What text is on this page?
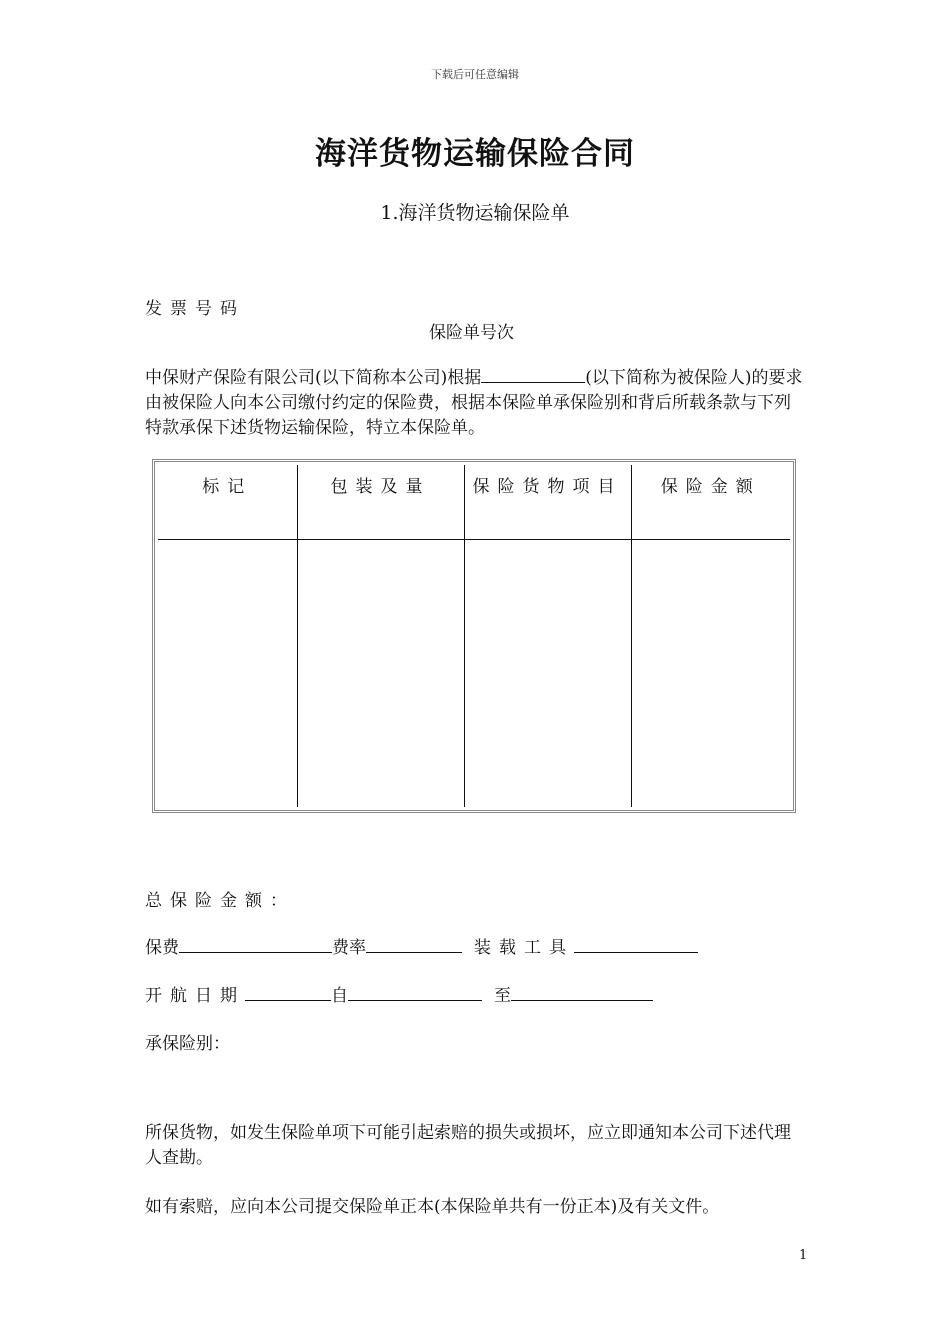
下载后可任意编辑
海洋货物运输保险合同
1.海洋货物运输保险单
发票号码
保险单号次
中保财产保险有限公司(以下简称本公司)根据	(以下简称为被保险人)的要求由被保险人向本公司缴付约定的保险费，根据本保险单承保险别和背后所载条款与下列特款承保下述货物运输保险，特立本保险单。
标记	包装及量	保险货物项目	保险金额

总保险金额：
保费	费率	装载工具
开航日期	自	至
承保险别：
所保货物，如发生保险单项下可能引起索赔的损失或损坏，应立即通知本公司下述代理人查勘。
如有索赔，应向本公司提交保险单正本(本保险单共有一份正本)及有关文件。
1
